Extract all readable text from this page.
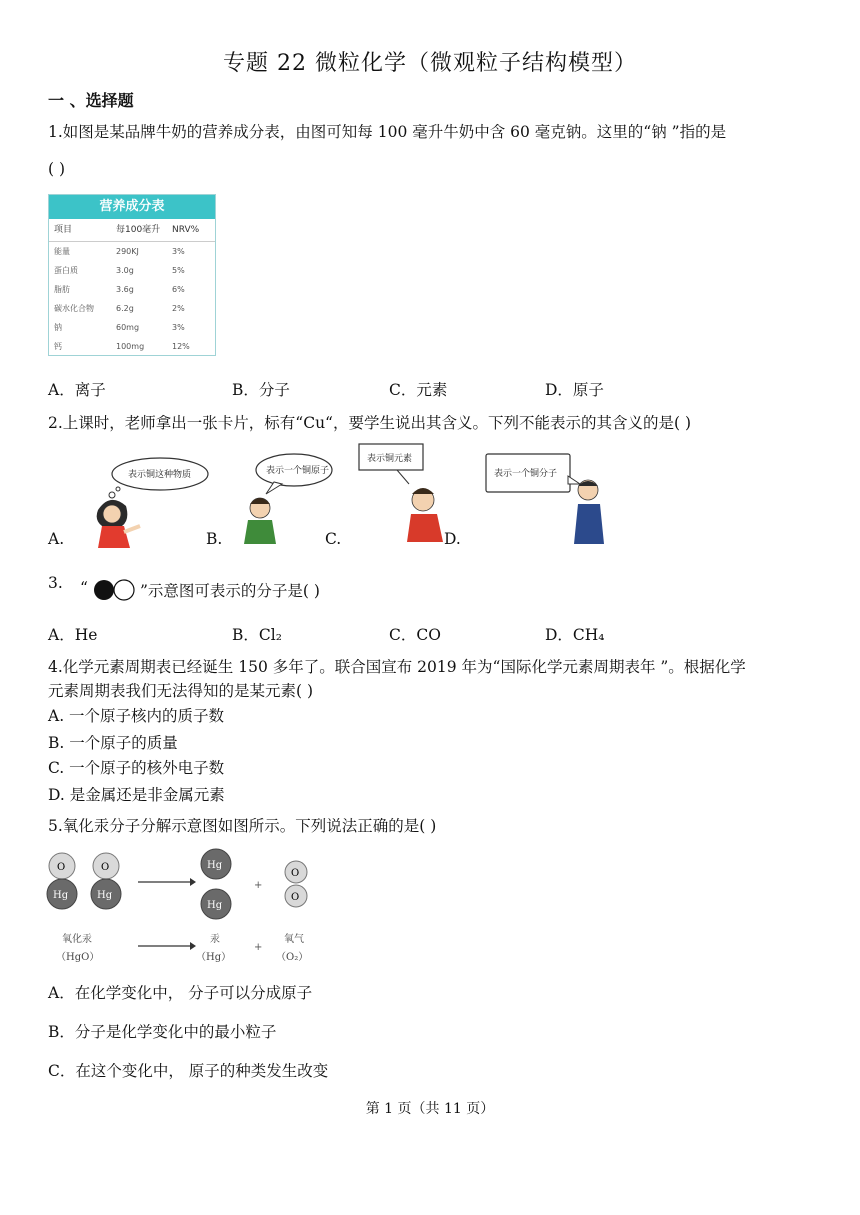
专题 22 微粒化学（微观粒子结构模型）
一 、选择题
1.如图是某品牌牛奶的营养成分表，由图可知每 100 毫升牛奶中含 60 毫克钠。这里的“钠 ”指的是
( )
营养成分表
项目	每100毫升	NRV%
能量	290KJ	3%
蛋白质	3.0g	5%
脂肪	3.6g	6%
碳水化合物	6.2g	2%
钠	60mg	3%
钙	100mg	12%
A．离子	B．分子	C．元素	D．原子
2.上课时，老师拿出一张卡片，标有“Cu“，要学生说出其含义。下列不能表示的其含义的是( )
表示铜这种物质
A.
表示一个铜原子
B.
表示铜元素
C.
表示一个铜分子
D.
3. “	”示意图可表示的分子是( )
A．He	B．Cl₂	C．CO	D．CH₄
4.化学元素周期表已经诞生 150 多年了。联合国宣布 2019 年为“国际化学元素周期表年 ”。根据化学
元素周期表我们无法得知的是某元素( )
A. 一个原子核内的质子数
B. 一个原子的质量
C. 一个原子的核外电子数
D. 是金属还是非金属元素
5.氧化汞分子分解示意图如图所示。下列说法正确的是( )
O
Hg
O
Hg
Hg
Hg
+
O
O
氧化汞
（HgO）
汞
（Hg）
+
氧气
（O₂）
A．在化学变化中， 分子可以分成原子
B．分子是化学变化中的最小粒子
C．在这个变化中， 原子的种类发生改变
第 1 页（共 11 页）
